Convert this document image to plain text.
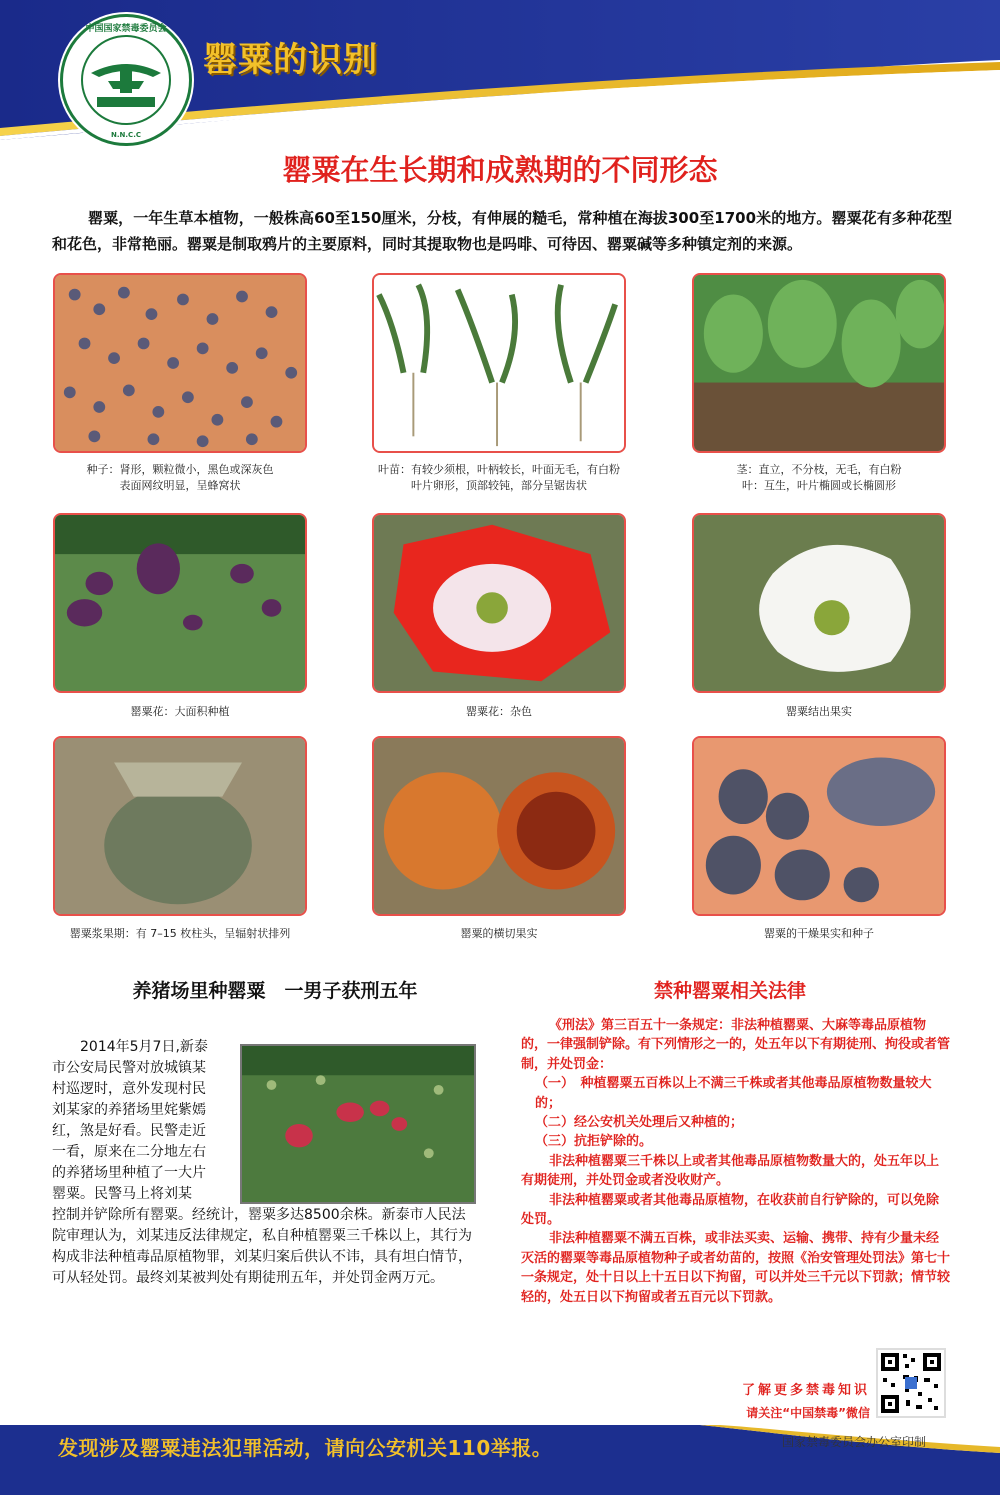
中国国家禁毒委员会
N.N.C.C
罂粟的识别
罂粟在生长期和成熟期的不同形态

罂粟，一年生草本植物，一般株高60至150厘米，分枝，有伸展的糙毛，常种植在海拔300至1700米的地方。罂粟花有多种花型和花色，非常艳丽。罂粟是制取鸦片的主要原料，同时其提取物也是吗啡、可待因、罂粟碱等多种镇定剂的来源。

种子：肾形，颗粒微小，黑色或深灰色
表面网纹明显，呈蜂窝状
叶苗：有较少须根，叶柄较长，叶面无毛，有白粉
叶片卵形，顶部较钝，部分呈锯齿状
茎：直立，不分枝，无毛，有白粉
叶：互生，叶片椭圆或长椭圆形
罂粟花：大面积种植	罂粟花：杂色	罂粟结出果实
罂粟浆果期：有 7–15 枚柱头，呈辐射状排列	罂粟的横切果实	罂粟的干燥果实和种子
养猪场里种罂粟　一男子获刑五年
2014年5月7日,新泰
市公安局民警对放城镇某
村巡逻时，意外发现村民
刘某家的养猪场里姹紫嫣
红，煞是好看。民警走近
一看，原来在二分地左右
的养猪场里种植了一大片
罂粟。民警马上将刘某
控制并铲除所有罂粟。经统计，罂粟多达8500余株。新泰市人民法院审理认为，刘某违反法律规定，私自种植罂粟三千株以上，其行为构成非法种植毒品原植物罪，刘某归案后供认不讳，具有坦白情节，可从轻处罚。最终刘某被判处有期徒刑五年，并处罚金两万元。
禁种罂粟相关法律

《刑法》第三百五十一条规定：非法种植罂粟、大麻等毒品原植物的，一律强制铲除。有下列情形之一的，处五年以下有期徒刑、拘役或者管制，并处罚金：

（一）　种植罂粟五百株以上不满三千株或者其他毒品原植物数量较大的；

（二）经公安机关处理后又种植的；

（三）抗拒铲除的。

非法种植罂粟三千株以上或者其他毒品原植物数量大的，处五年以上有期徒刑，并处罚金或者没收财产。

非法种植罂粟或者其他毒品原植物，在收获前自行铲除的，可以免除处罚。

非法种植罂粟不满五百株，或非法买卖、运输、携带、持有少量未经灭活的罂粟等毒品原植物种子或者幼苗的，按照《治安管理处罚法》第七十一条规定，处十日以上十五日以下拘留，可以并处三千元以下罚款；情节较轻的，处五日以下拘留或者五百元以下罚款。

了解更多禁毒知识
请关注“中国禁毒”微信
发现涉及罂粟违法犯罪活动，请向公安机关110举报。	国家禁毒委员会办公室印制
